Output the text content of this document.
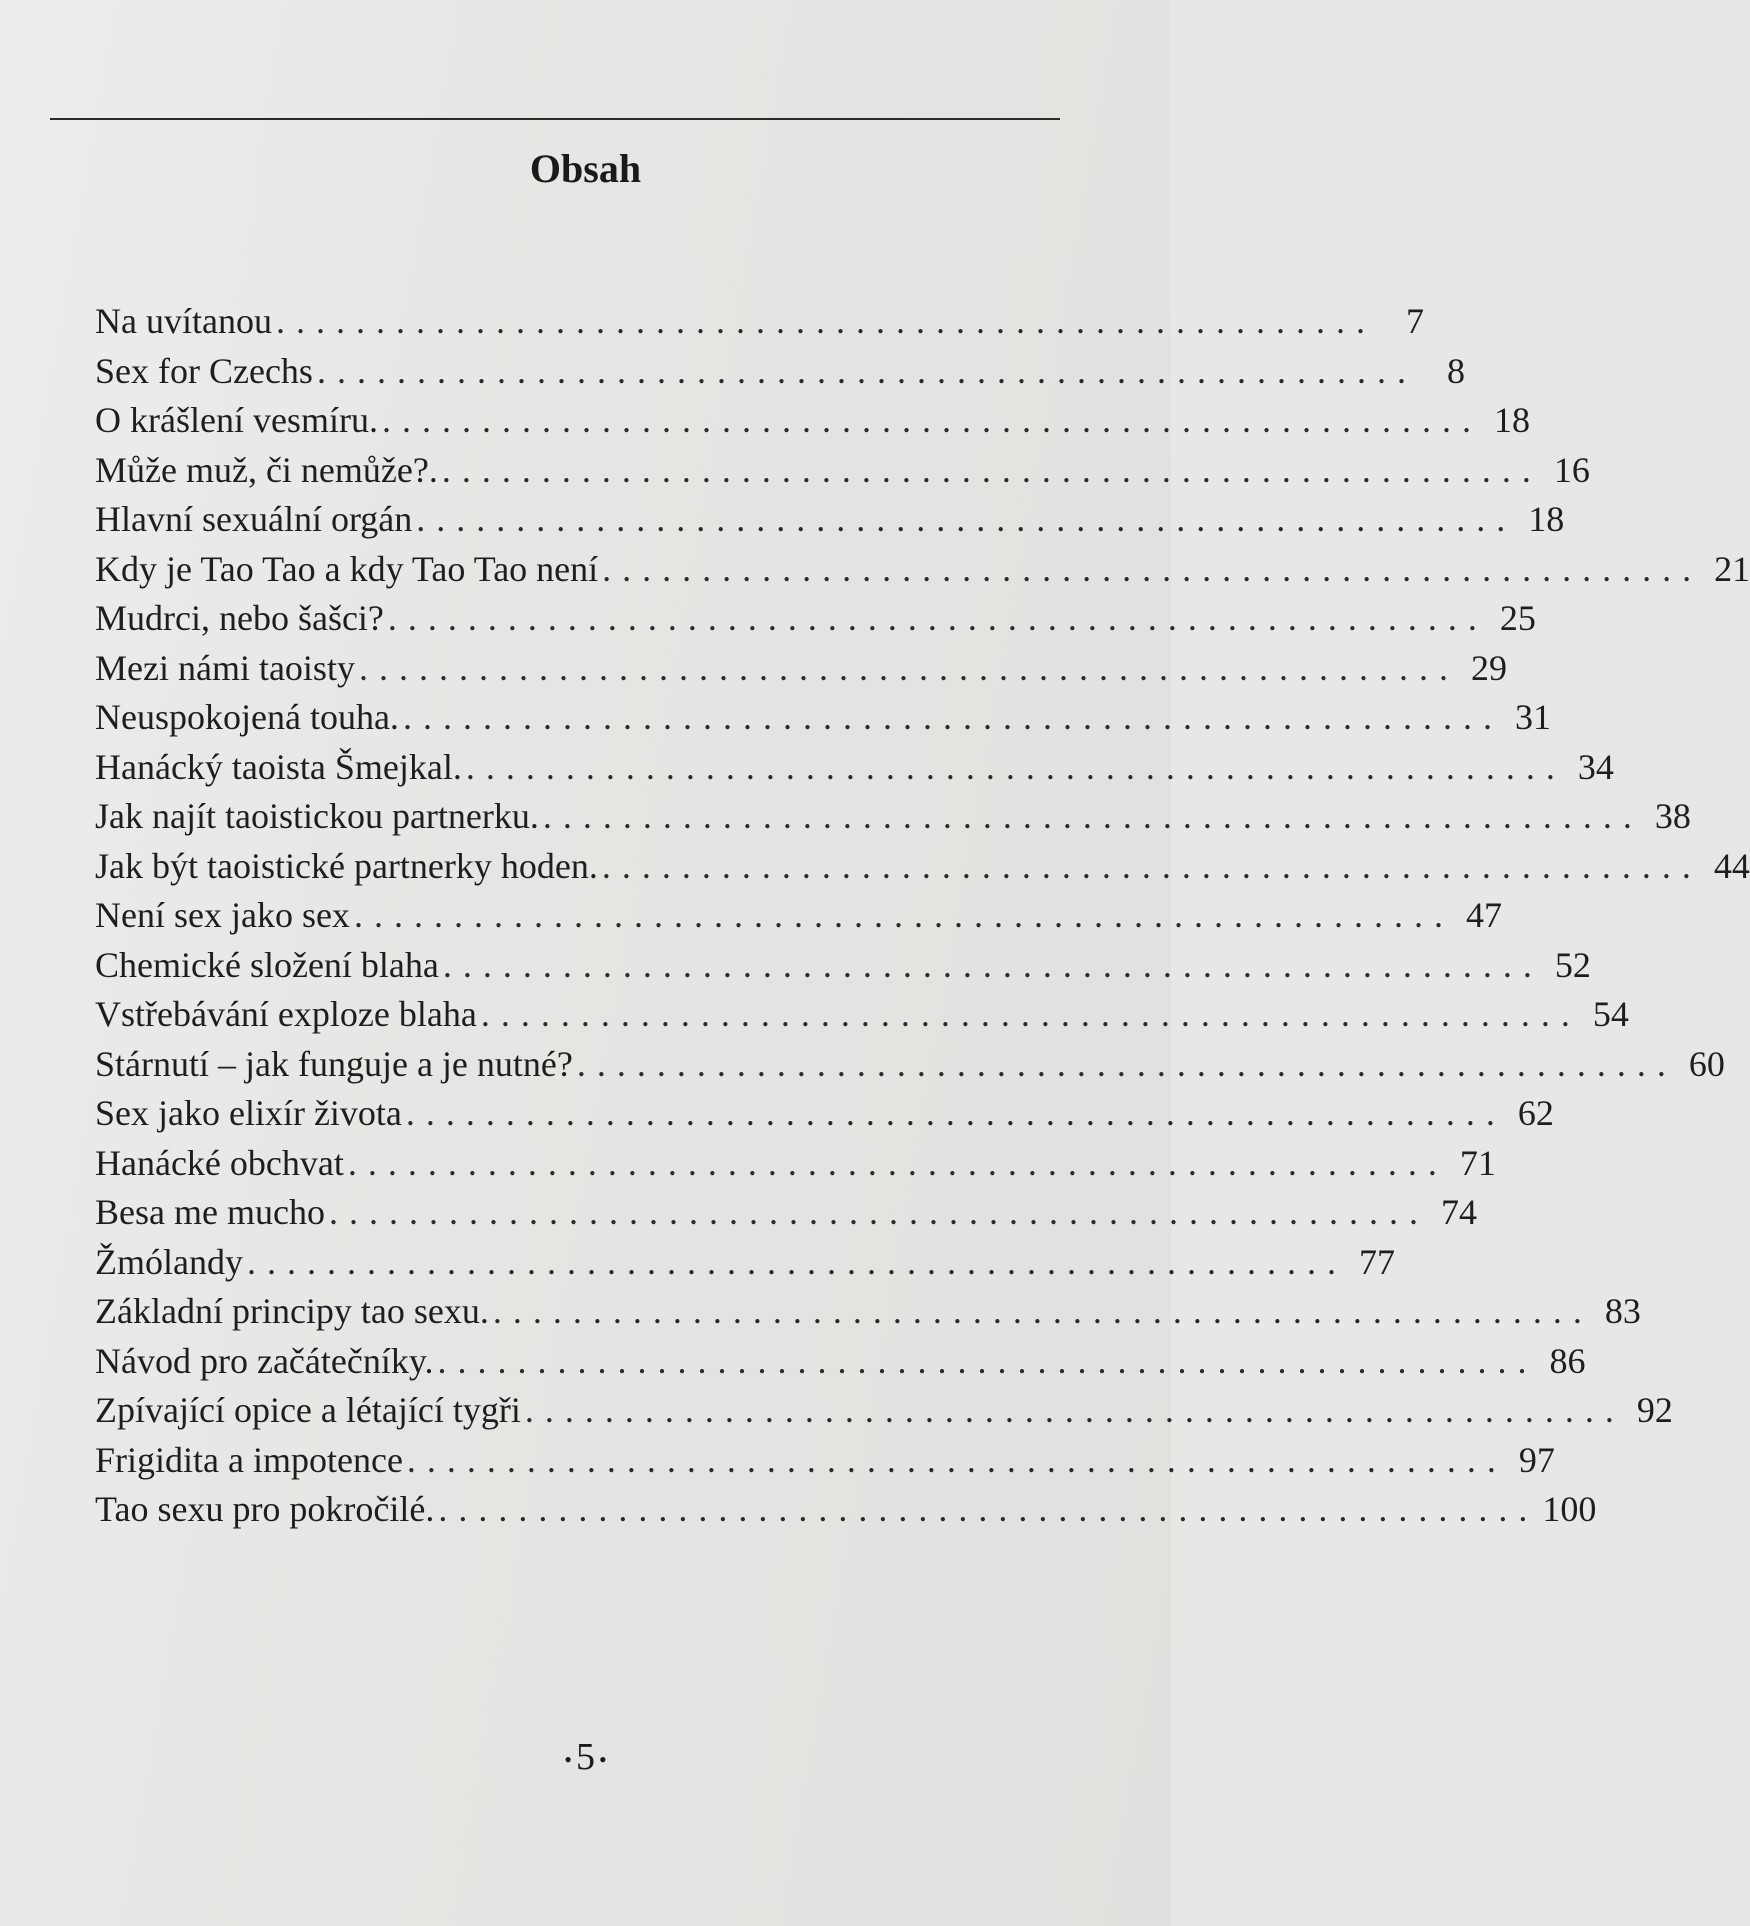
Obsah
Na uvítanou ....................................................... 7
Sex for Czechs ....................................................... 8
O krášlení vesmíru. ....................................................... 18
Může muž, či nemůže?. ....................................................... 16
Hlavní sexuální orgán ....................................................... 18
Kdy je Tao Tao a kdy Tao Tao není ....................................................... 21
Mudrci, nebo šašci? ....................................................... 25
Mezi námi taoisty ....................................................... 29
Neuspokojená touha. ....................................................... 31
Hanácký taoista Šmejkal. ....................................................... 34
Jak najít taoistickou partnerku. ....................................................... 38
Jak být taoistické partnerky hoden. ....................................................... 44
Není sex jako sex ....................................................... 47
Chemické složení blaha ....................................................... 52
Vstřebávání exploze blaha ....................................................... 54
Stárnutí – jak funguje a je nutné? ....................................................... 60
Sex jako elixír života ....................................................... 62
Hanácké obchvat ....................................................... 71
Besa me mucho ....................................................... 74
Žmólandy ....................................................... 77
Základní principy tao sexu. ....................................................... 83
Návod pro začátečníky. ....................................................... 86
Zpívající opice a létající tygři ....................................................... 92
Frigidita a impotence ....................................................... 97
Tao sexu pro pokročilé. ....................................................... 100
• 5 •
